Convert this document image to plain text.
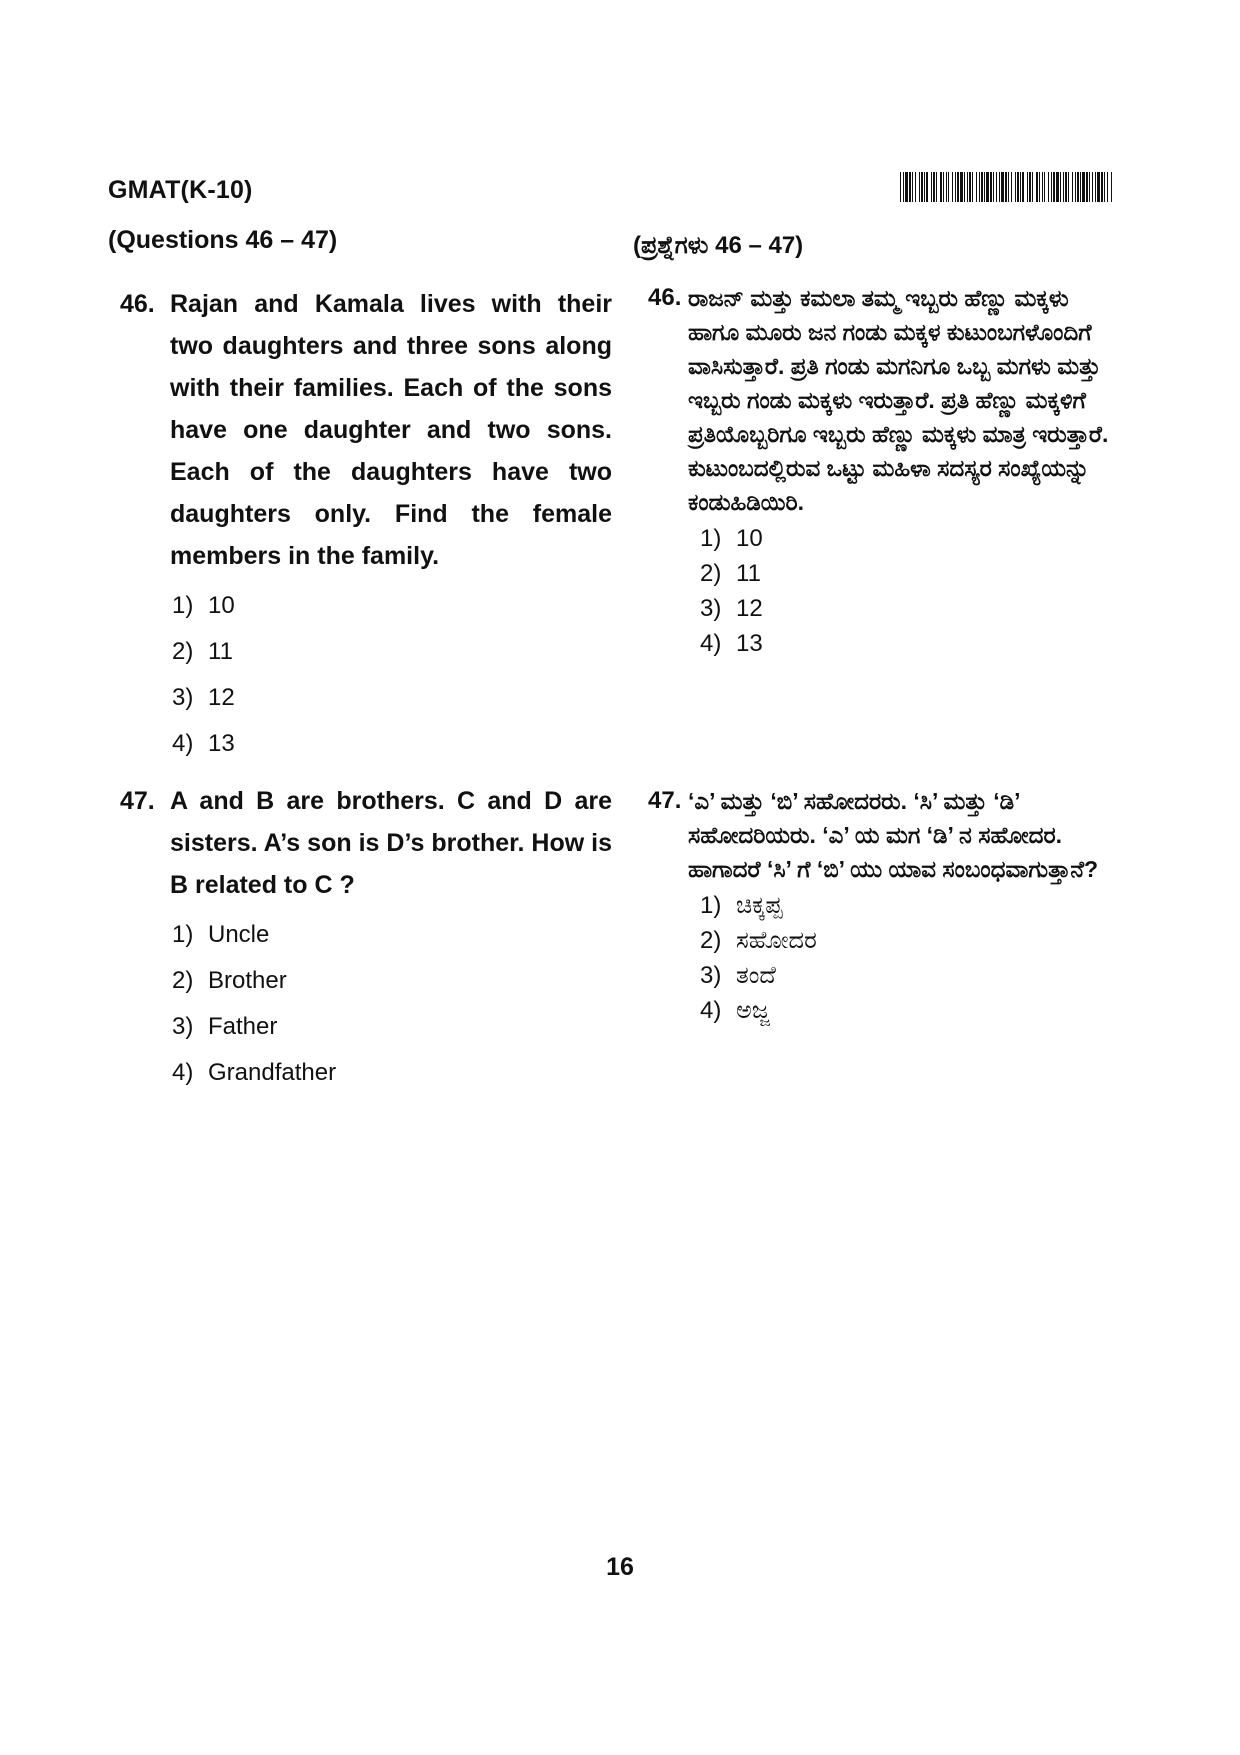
GMAT(K-10)
(Questions 46 – 47)	(ಪ್ರಶ್ನೆಗಳು 46 – 47)
46. Rajan and Kamala lives with their two daughters and three sons along with their families. Each of the sons have one daughter and two sons. Each of the daughters have two daughters only. Find the female members in the family.
1) 10
2) 11
3) 12
4) 13
47. A and B are brothers. C and D are sisters. A’s son is D’s brother. How is B related to C ?
1) Uncle
2) Brother
3) Father
4) Grandfather
46. ರಾಜನ್ ಮತ್ತು ಕಮಲಾ ತಮ್ಮ ಇಬ್ಬರು ಹೆಣ್ಣು ಮಕ್ಕಳು ಹಾಗೂ ಮೂರು ಜನ ಗಂಡು ಮಕ್ಕಳ ಕುಟುಂಬಗಳೊಂದಿಗೆ ವಾಸಿಸುತ್ತಾರೆ. ಪ್ರತಿ ಗಂಡು ಮಗನಿಗೂ ಒಬ್ಬ ಮಗಳು ಮತ್ತು ಇಬ್ಬರು ಗಂಡು ಮಕ್ಕಳು ಇರುತ್ತಾರೆ. ಪ್ರತಿ ಹೆಣ್ಣು ಮಕ್ಕಳಿಗೆ ಪ್ರತಿಯೊಬ್ಬರಿಗೂ ಇಬ್ಬರು ಹೆಣ್ಣು ಮಕ್ಕಳು ಮಾತ್ರ ಇರುತ್ತಾರೆ. ಕುಟುಂಬದಲ್ಲಿರುವ ಒಟ್ಟು ಮಹಿಳಾ ಸದಸ್ಯರ ಸಂಖ್ಯೆಯನ್ನು ಕಂಡುಹಿಡಿಯಿರಿ.
1) 10
2) 11
3) 12
4) 13
47. ‘ಎ’ ಮತ್ತು ‘ಬಿ’ ಸಹೋದರರು. ‘ಸಿ’ ಮತ್ತು ‘ಡಿ’ ಸಹೋದರಿಯರು. ‘ಎ’ ಯ ಮಗ ‘ಡಿ’ ನ ಸಹೋದರ. ಹಾಗಾದರೆ ‘ಸಿ’ ಗೆ ‘ಬಿ’ ಯು ಯಾವ ಸಂಬಂಧವಾಗುತ್ತಾನೆ?
1) ಚಿಕ್ಕಪ್ಪ
2) ಸಹೋದರ
3) ತಂದೆ
4) ಅಜ್ಜ
16
